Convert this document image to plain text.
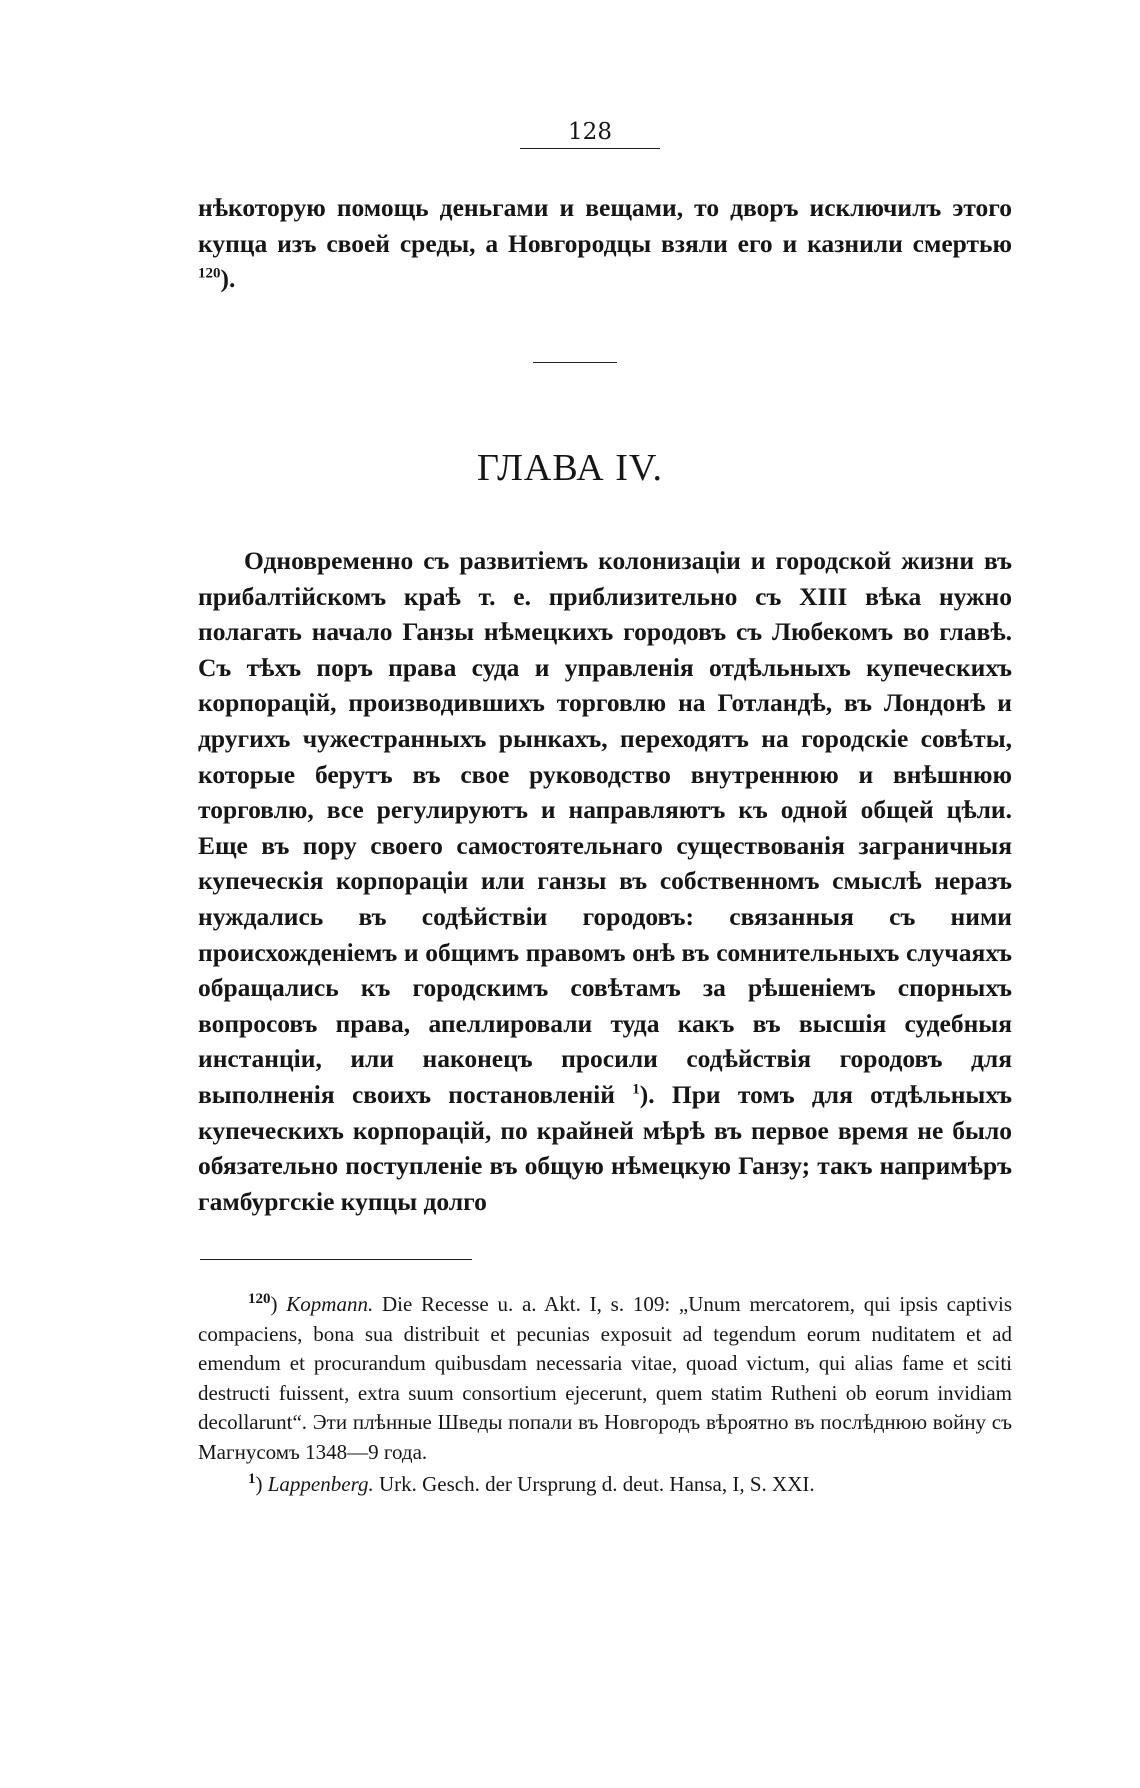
128

нѣкоторую помощь деньгами и вещами, то дворъ исключилъ этого купца изъ своей среды, а Новгородцы взяли его и казнили смертью $^{120}$).

ГЛАВА IV.

Одновременно съ развитіемъ колонизаціи и городской жизни въ прибалтійскомъ краѣ т. е. приблизительно съ XIII вѣка нужно полагать начало Ганзы нѣмецкихъ городовъ съ Любекомъ во главѣ. Съ тѣхъ поръ права суда и управленія отдѣльныхъ купеческихъ корпорацій, производившихъ торговлю на Готландѣ, въ Лондонѣ и другихъ чужестранныхъ рынкахъ, переходятъ на городскіе совѣты, которые берутъ въ свое руководство внутреннюю и внѣшнюю торговлю, все регулируютъ и направляютъ къ одной общей цѣли. Еще въ пору своего самостоятельнаго существованія заграничныя купеческія корпораціи или ганзы въ собственномъ смыслѣ неразъ нуждались въ содѣйствіи городовъ: связанныя съ ними происхожденіемъ и общимъ правомъ онѣ въ сомнительныхъ случаяхъ обращались къ городскимъ совѣтамъ за рѣшеніемъ спорныхъ вопросовъ права, апеллировали туда какъ въ высшія судебныя инстанціи, или наконецъ просили содѣйствія городовъ для выполненія своихъ постановленій $^1$). При томъ для отдѣльныхъ купеческихъ корпорацій, по крайней мѣрѣ въ первое время не было обязательно поступленіе въ общую нѣмецкую Ганзу; такъ напримѣръ гамбургскіе купцы долго

$^{120}$) Kopmann. Die Recesse u. a. Akt. I, s. 109: „Unum mercatorem, qui ipsis captivis compaciens, bona sua distribuit et pecunias exposuit ad tegendum eorum nuditatem et ad emendum et procurandum quibusdam necessaria vitae, quoad victum, qui alias fame et sciti destructi fuissent, extra suum consortium ejecerunt, quem statim Rutheni ob eorum invidiam decollarunt“. Эти плѣнные Шведы попали въ Новгородъ вѣроятно въ послѣднюю войну съ Магнусомъ 1348—9 года.

$^1$) Lappenberg. Urk. Gesch. der Ursprung d. deut. Hansa, I, S. XXI.
